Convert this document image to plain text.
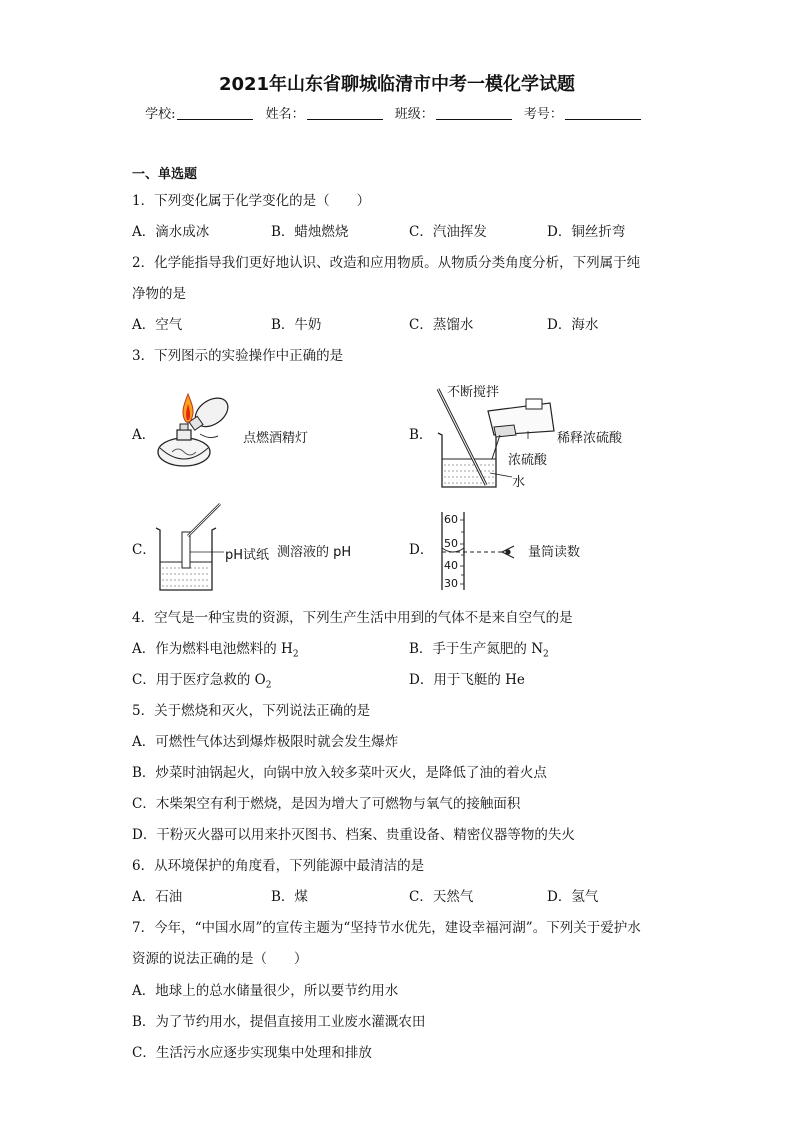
2021年山东省聊城临清市中考一模化学试题
学校:	姓名：	班级：	考号：
一、单选题
1．下列变化属于化学变化的是（　　）
A．滴水成冰	B．蜡烛燃烧	C．汽油挥发	D．铜丝折弯
2．化学能指导我们更好地认识、改造和应用物质。从物质分类角度分析，下列属于纯
净物的是
A．空气	B．牛奶	C．蒸馏水	D．海水
3．下列图示的实验操作中正确的是
A．	点燃酒精灯	B．
不断搅拌
稀释浓硫酸
浓硫酸
水
C．	pH试纸 测溶液的 pH	D．
60
50
40
30
量筒读数
4．空气是一种宝贵的资源，下列生产生活中用到的气体不是来自空气的是
A．作为燃料电池燃料的 $H_2$	B．手于生产氮肥的 $N_2$
C．用于医疗急救的 $O_2$	D．用于飞艇的 He
5．关于燃烧和灭火，下列说法正确的是
A．可燃性气体达到爆炸极限时就会发生爆炸
B．炒菜时油锅起火，向锅中放入较多菜叶灭火，是降低了油的着火点
C．木柴架空有利于燃烧，是因为增大了可燃物与氧气的接触面积
D．干粉灭火器可以用来扑灭图书、档案、贵重设备、精密仪器等物的失火
6．从环境保护的角度看，下列能源中最清洁的是
A．石油	B．煤	C．天然气	D．氢气
7．今年，“中国水周”的宣传主题为“坚持节水优先，建设幸福河湖”。下列关于爱护水
资源的说法正确的是（　　）
A．地球上的总水储量很少，所以要节约用水
B．为了节约用水，提倡直接用工业废水灌溉农田
C．生活污水应逐步实现集中处理和排放
